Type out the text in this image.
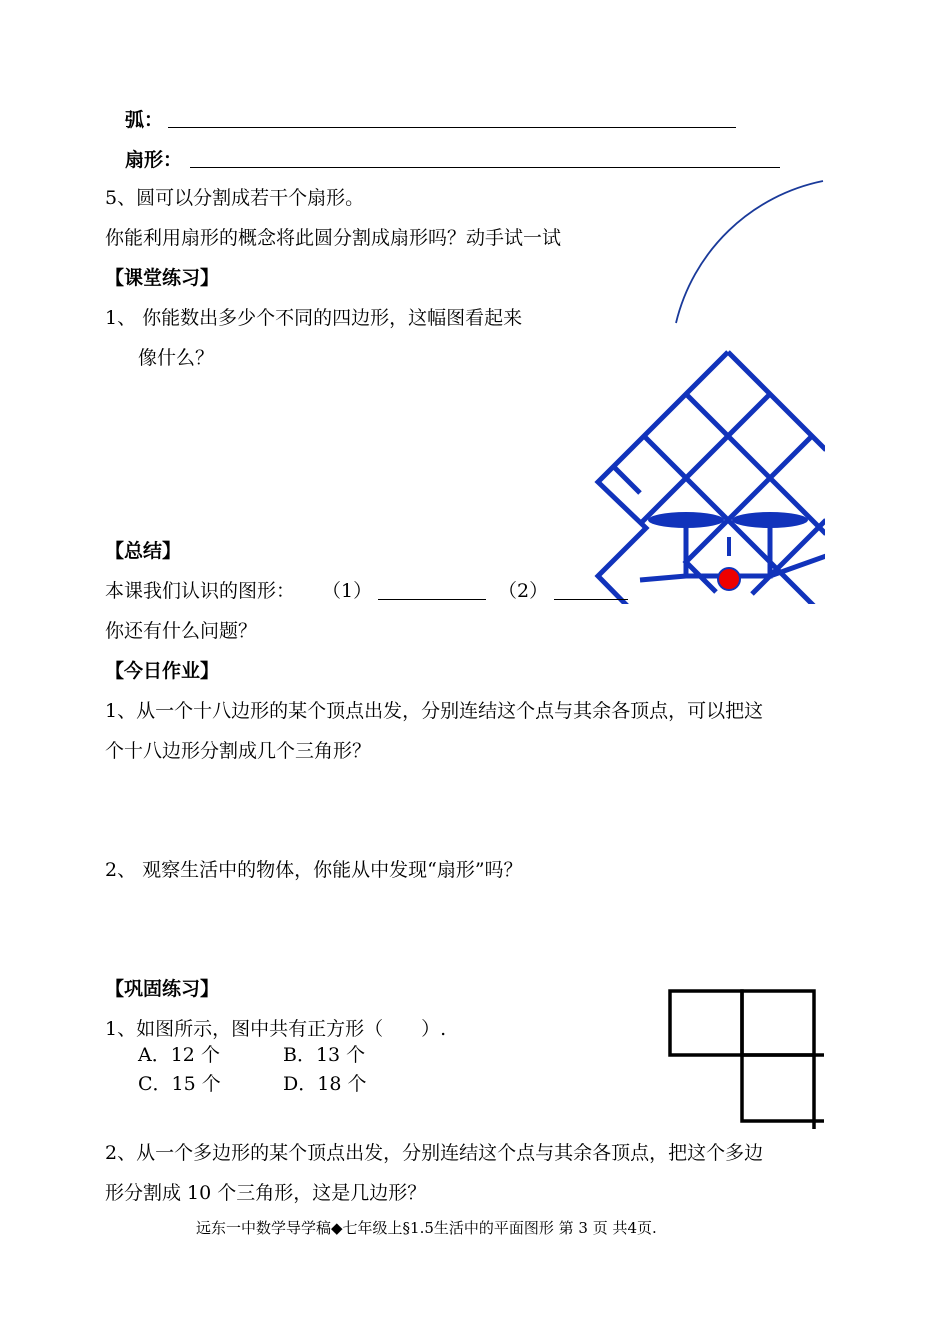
弧：
扇形：
5、圆可以分割成若干个扇形。
你能利用扇形的概念将此圆分割成扇形吗？动手试一试
【课堂练习】
1、 你能数出多少个不同的四边形，这幅图看起来
像什么？
【总结】
本课我们认识的图形： （1）	（2）
你还有什么问题？
【今日作业】
1、从一个十八边形的某个顶点出发，分别连结这个点与其余各顶点，可以把这
个十八边形分割成几个三角形？
2、 观察生活中的物体，你能从中发现“扇形”吗？
【巩固练习】
1、如图所示，图中共有正方形（　　）.
A．12 个	B．13 个
C．15 个	D．18 个
2、从一个多边形的某个顶点出发，分别连结这个点与其余各顶点，把这个多边
形分割成 10 个三角形，这是几边形？
远东一中数学导学稿◆七年级上§1.5生活中的平面图形 第 3 页 共4页.
